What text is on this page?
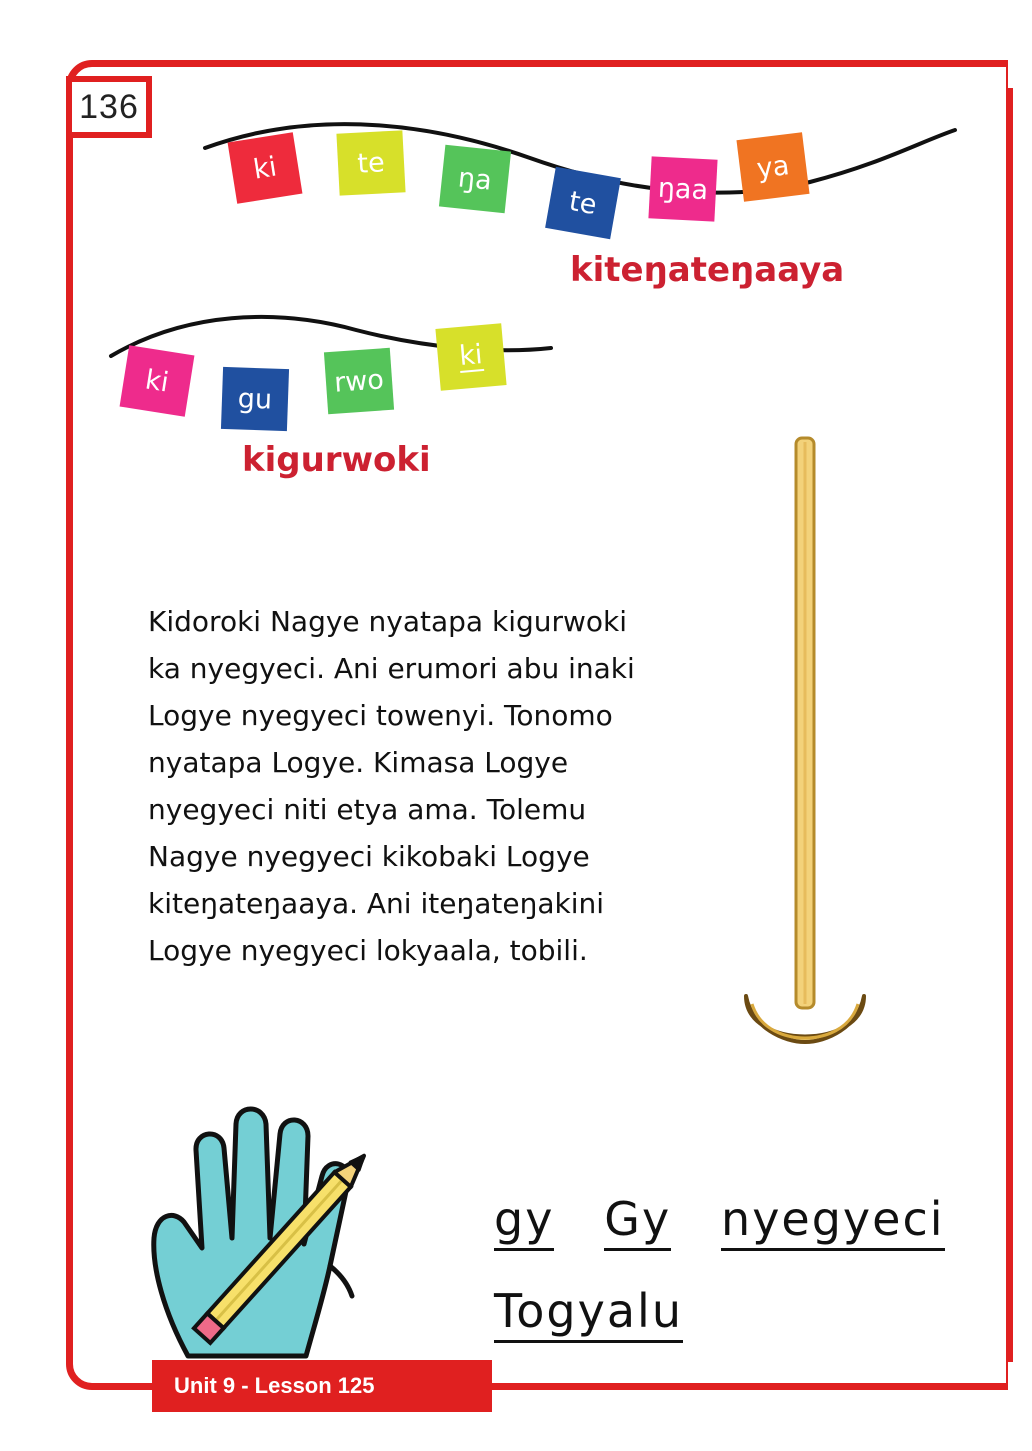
136
ki	te	ŋa
te ŋaa
ya
kiteŋateŋaaya
ki
gu
rwo
ki
kigurwoki
Kidoroki Nagye nyatapa kigurwoki
ka nyegyeci. Ani erumori abu inaki
Logye nyegyeci towenyi. Tonomo
nyatapa Logye. Kimasa Logye
nyegyeci niti etya ama. Tolemu
Nagye nyegyeci kikobaki Logye
kiteŋateŋaaya. Ani iteŋateŋakini
Logye nyegyeci lokyaala, tobili.
gy Gy nyegyeci
Togyalu
Unit 9 - Lesson 125
